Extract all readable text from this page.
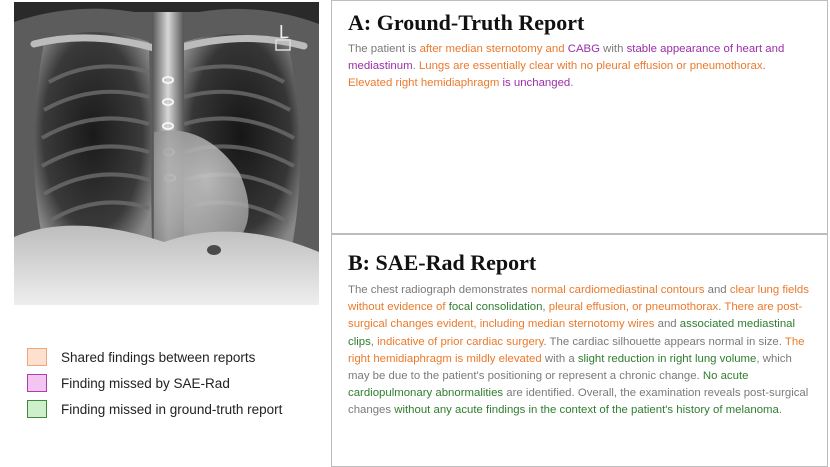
L	A: Ground-Truth Report

The patient is after median sternotomy and CABG with stable appearance of heart and mediastinum. Lungs are essentially clear with no pleural effusion or pneumothorax. Elevated right hemidiaphragm is unchanged.

B: SAE-Rad Report

The chest radiograph demonstrates normal cardiomediastinal contours and clear lung fields without evidence of focal consolidation, pleural effusion, or pneumothorax. There are post-surgical changes evident, including median sternotomy wires and associated mediastinal clips, indicative of prior cardiac surgery. The cardiac silhouette appears normal in size. The right hemidiaphragm is mildly elevated with a slight reduction in right lung volume, which may be due to the patient's positioning or represent a chronic change. No acute cardiopulmonary abnormalities are identified. Overall, the examination reveals post-surgical changes without any acute findings in the context of the patient's history of melanoma.

Shared findings between reports
Finding missed by SAE-Rad
Finding missed in ground-truth report
